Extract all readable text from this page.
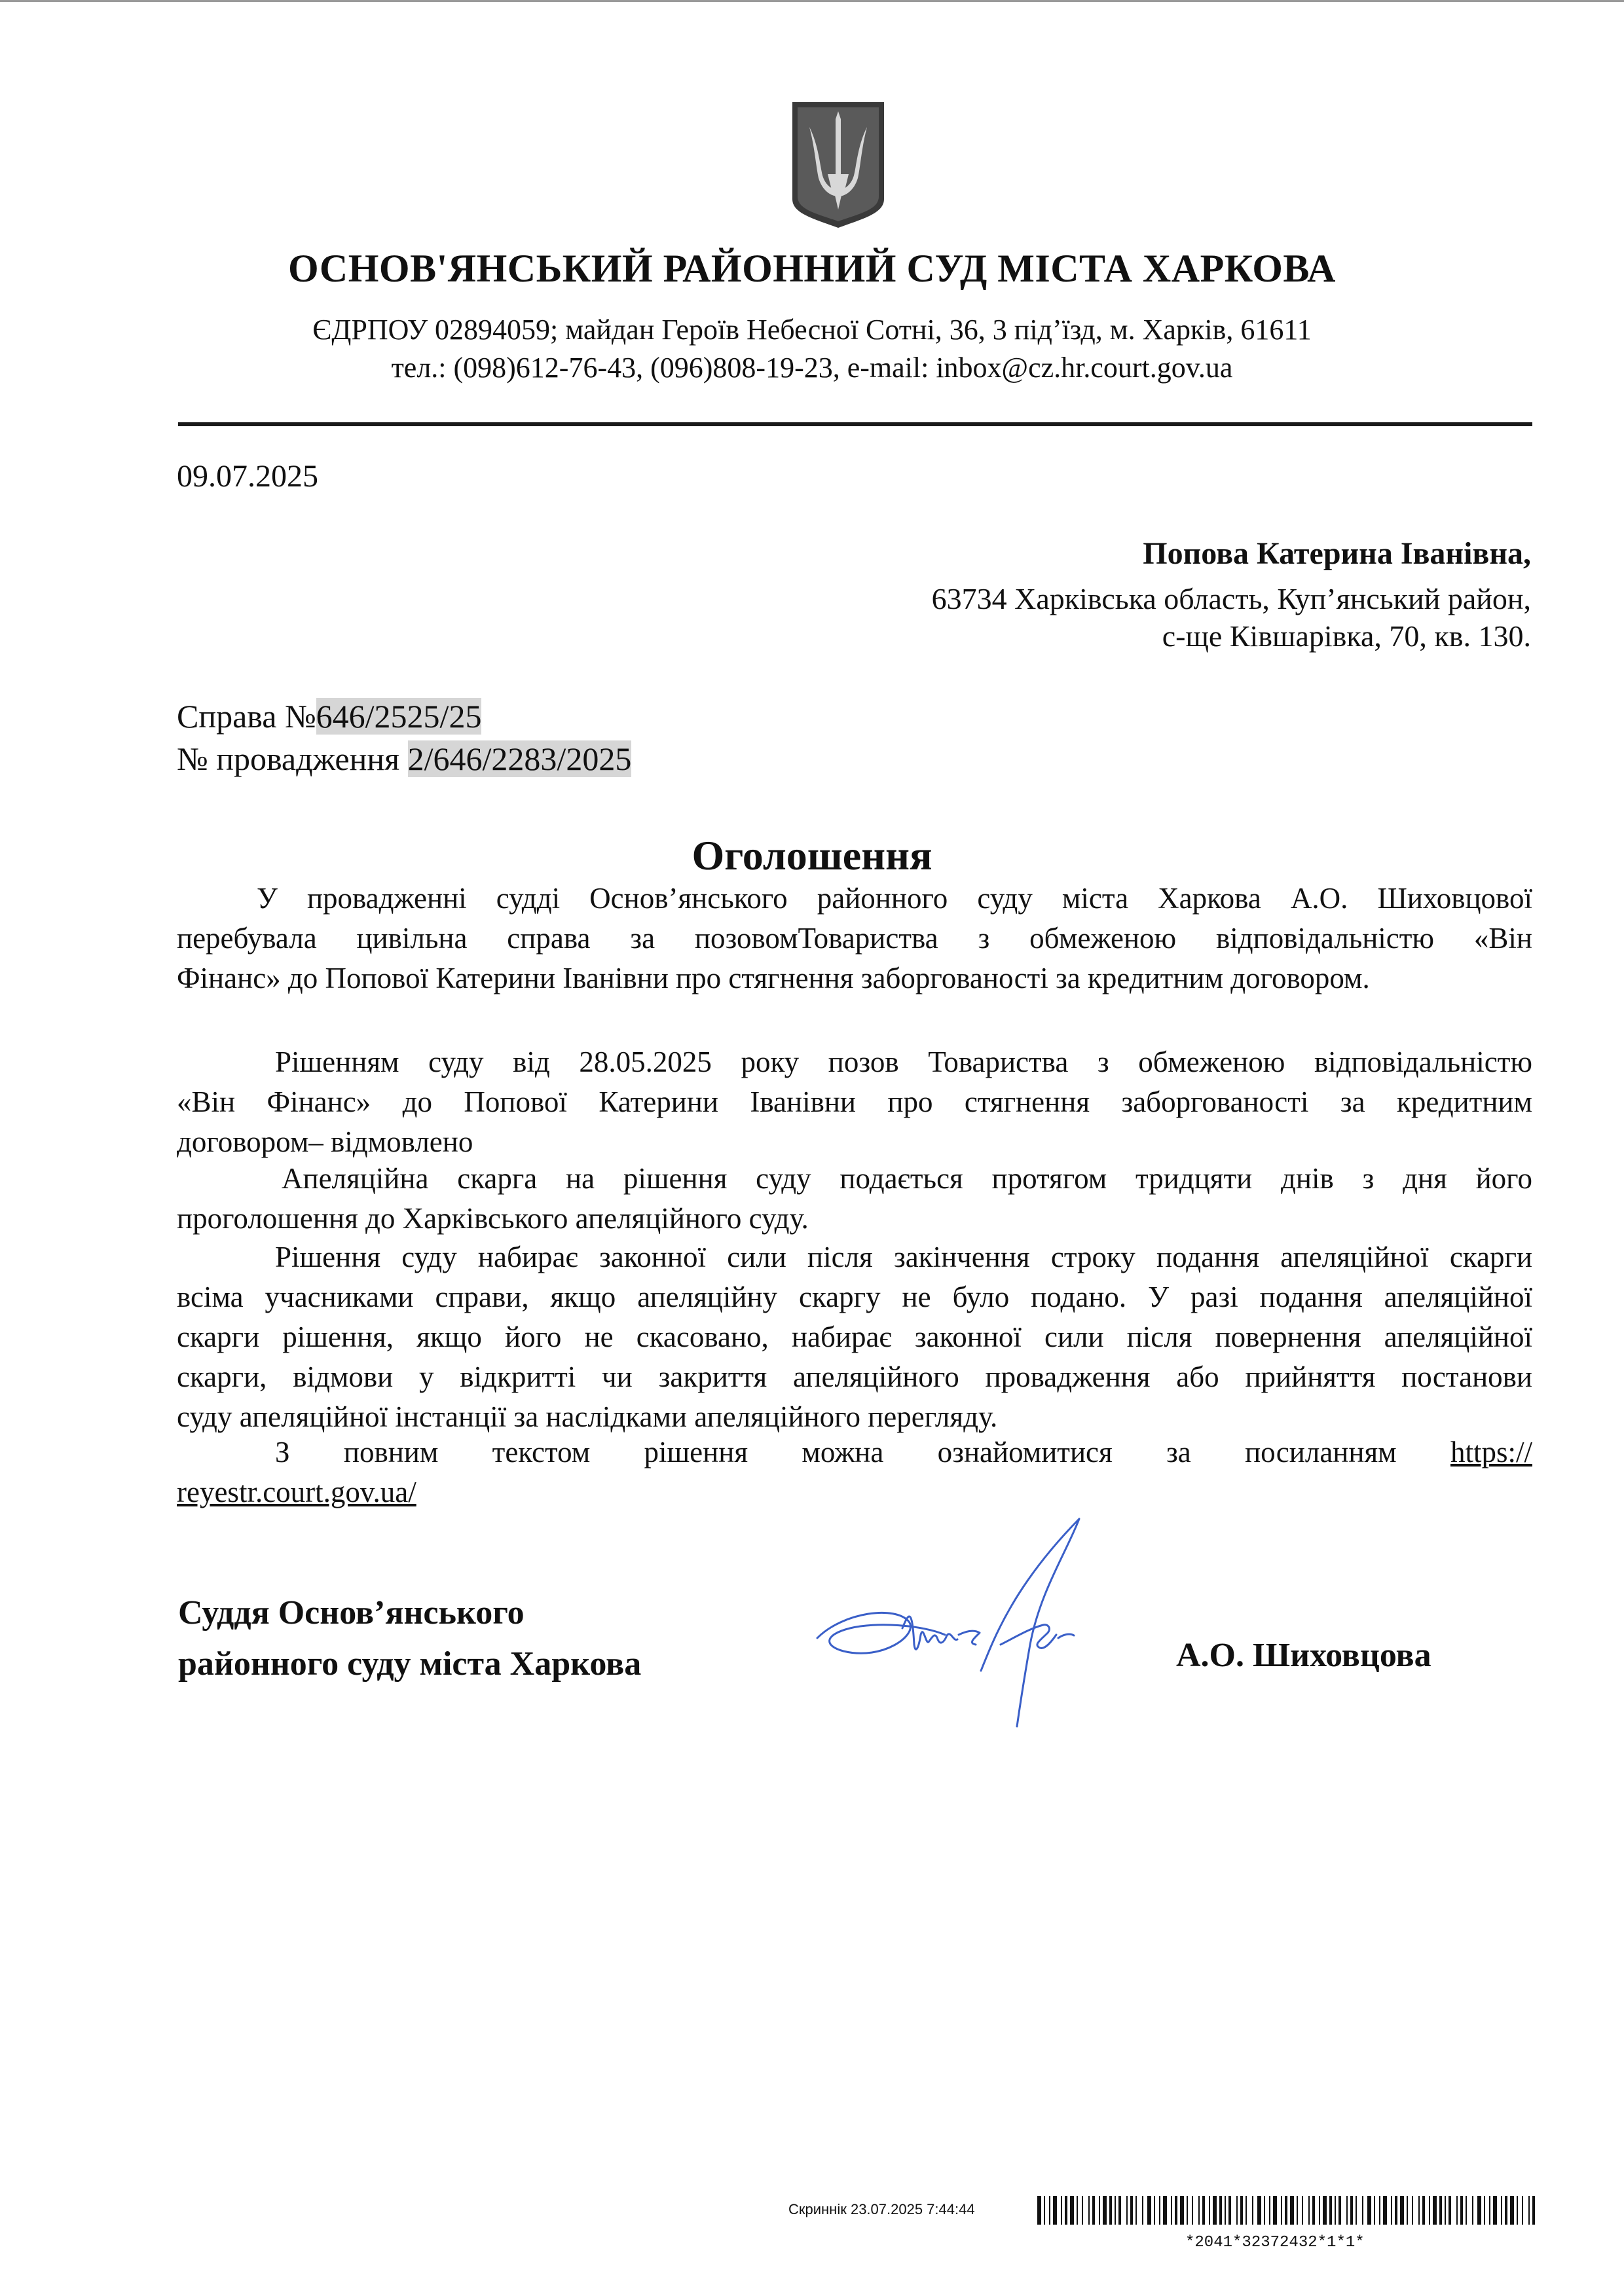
ОСНОВ'ЯНСЬКИЙ РАЙОННИЙ СУД МІСТА ХАРКОВА
ЄДРПОУ 02894059; майдан Героїв Небесної Сотні, 36, 3 під’їзд, м. Харків, 61611
тел.: (098)612-76-43, (096)808-19-23, e-mail: inbox@cz.hr.court.gov.ua
09.07.2025
Попова Катерина Іванівна,
63734 Харківська область, Куп’янський район,
с-ще Ківшарівка, 70, кв. 130.
Справа №646/2525/25
№ провадження 2/646/2283/2025
Оголошення
У провадженні судді Основ’янського районного суду міста Харкова А.О. Шиховцової
перебувала цивільна справа за позовомТовариства з обмеженою відповідальністю «Він
Фінанс» до Попової Катерини Іванівни про стягнення заборгованості за кредитним договором.
Рішенням суду від 28.05.2025 року позов Товариства з обмеженою відповідальністю
«Він Фінанс» до Попової Катерини Іванівни про стягнення заборгованості за кредитним
договором– відмовлено
Апеляційна скарга на рішення суду подається протягом тридцяти днів з дня його
проголошення до Харківського апеляційного суду.
Рішення суду набирає законної сили після закінчення строку подання апеляційної скарги
всіма учасниками справи, якщо апеляційну скаргу не було подано. У разі подання апеляційної
скарги рішення, якщо його не скасовано, набирає законної сили після повернення апеляційної
скарги, відмови у відкритті чи закриття апеляційного провадження або прийняття постанови
суду апеляційної інстанції за наслідками апеляційного перегляду.
З повним текстом рішення можна ознайомитися за посиланням https://
reyestr.court.gov.ua/
Суддя Основ’янського
районного суду міста Харкова	А.О. Шиховцова
Скриннік 23.07.2025 7:44:44
*2041*32372432*1*1*
